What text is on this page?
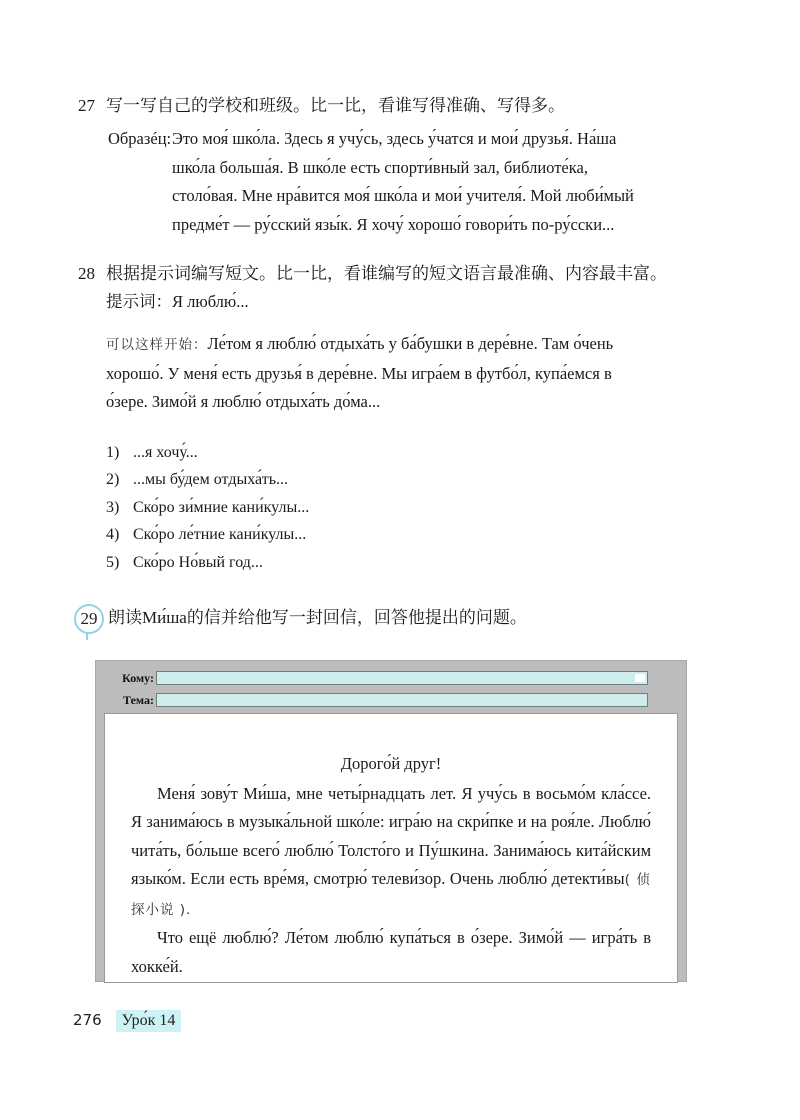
27 写一写自己的学校和班级。比一比，看谁写得准确、写得多。
Образéц: Это моя́ шко́ла. Здесь я учу́сь, здесь у́чатся и мои́ друзья́. На́ша
шко́ла больша́я. В шко́ле есть спорти́вный зал, библиоте́ка,
столо́вая. Мне нра́вится моя́ шко́ла и мои́ учителя́. Мой люби́мый
предме́т — ру́сский язы́к. Я хочу́ хорошо́ говори́ть по-ру́сски...
28 根据提示词编写短文。比一比，看谁编写的短文语言最准确、内容最丰富。
提示词：Я люблю́...
可以这样开始：Ле́том я люблю́ отдыха́ть у ба́бушки в дере́вне. Там о́чень
хорошо́. У меня́ есть друзья́ в дере́вне. Мы игра́ем в футбо́л, купа́емся в
о́зере. Зимо́й я люблю́ отдыха́ть до́ма...
1) ...я хочу́...
2) ...мы бу́дем отдыха́ть...
3) Ско́ро зи́мние кани́кулы...
4) Ско́ро ле́тние кани́кулы...
5) Ско́ро Но́вый год...
29 朗读Ми́ша的信并给他写一封回信，回答他提出的问题。
Кому:
Тема:
Дорого́й друг!

Меня́ зову́т Ми́ша, мне четы́рнадцать лет. Я учу́сь в восьмо́м кла́ссе. Я занима́юсь в музыка́льной шко́ле: игра́ю на скри́пке и на роя́ле. Люблю́ чита́ть, бо́льше всего́ люблю́ Толсто́го и Пу́шкина. Занима́юсь кита́йским языко́м. Если есть вре́мя, смотрю́ телеви́зор. Очень люблю́ детекти́вы( 侦探小说 ).

Что ещё люблю́? Ле́том люблю́ купа́ться в о́зере. Зимо́й — игра́ть в хокке́й.

276 Уро́к 14
